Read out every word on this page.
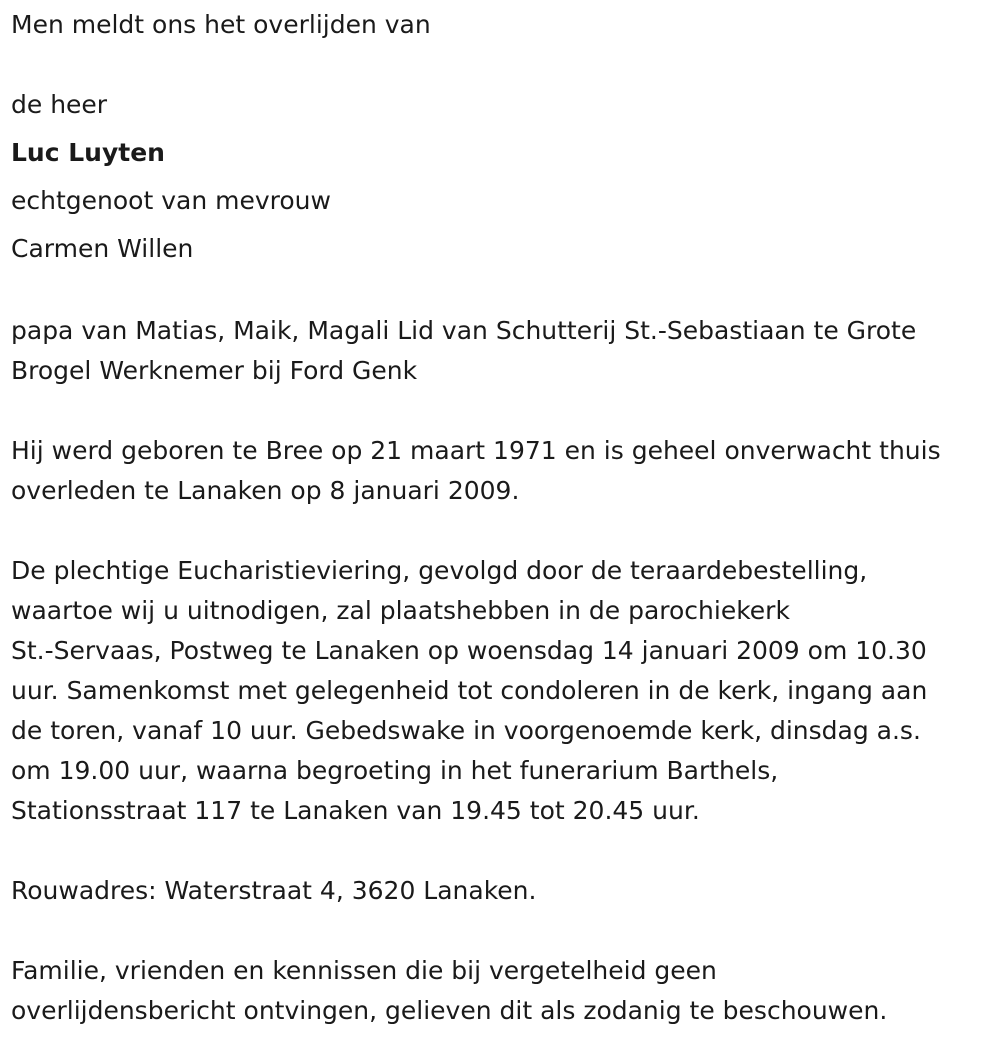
Men meldt ons het overlijden van
de heer
Luc Luyten
echtgenoot van mevrouw
Carmen Willen
papa van Matias, Maik, Magali Lid van Schutterij St.-Sebastiaan te Grote
Brogel Werknemer bij Ford Genk
Hij werd geboren te Bree op 21 maart 1971 en is geheel onverwacht thuis
overleden te Lanaken op 8 januari 2009.
De plechtige Eucharistieviering, gevolgd door de teraardebestelling,
waartoe wij u uitnodigen, zal plaatshebben in de parochiekerk
St.-Servaas, Postweg te Lanaken op woensdag 14 januari 2009 om 10.30
uur. Samenkomst met gelegenheid tot condoleren in de kerk, ingang aan
de toren, vanaf 10 uur. Gebedswake in voorgenoemde kerk, dinsdag a.s.
om 19.00 uur, waarna begroeting in het funerarium Barthels,
Stationsstraat 117 te Lanaken van 19.45 tot 20.45 uur.
Rouwadres: Waterstraat 4, 3620 Lanaken.
Familie, vrienden en kennissen die bij vergetelheid geen
overlijdensbericht ontvingen, gelieven dit als zodanig te beschouwen.
